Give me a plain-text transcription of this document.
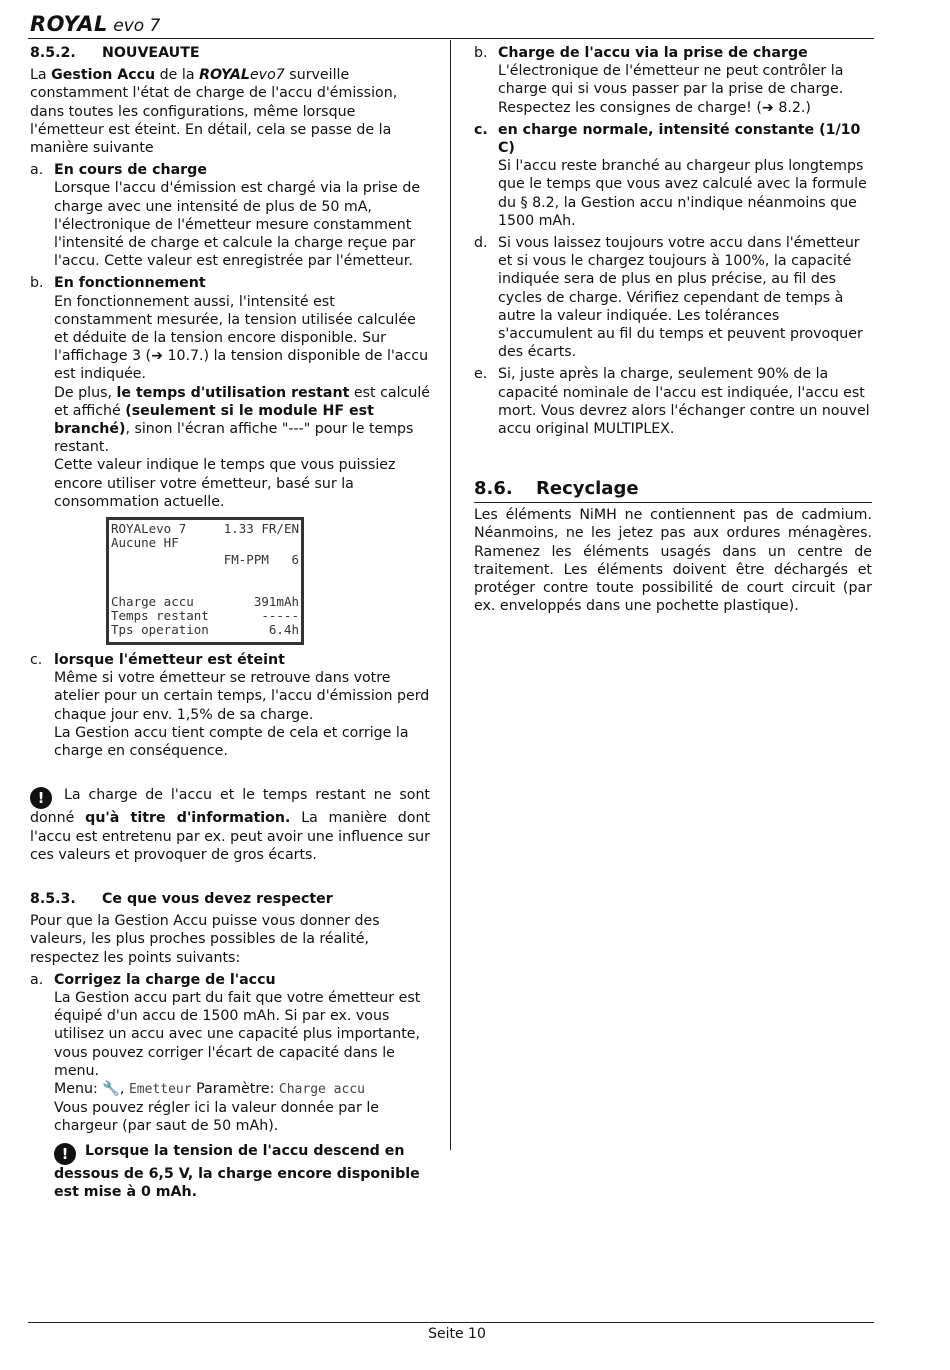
ROYAL evo 7
8.5.2.	NOUVEAUTE

La Gestion Accu de la ROYALevo7 surveille constamment l'état de charge de l'accu d'émission, dans toutes les configurations, même lorsque l'émetteur est éteint. En détail, cela se passe de la manière suivante

a. En cours de charge

Lorsque l'accu d'émission est chargé via la prise de charge avec une intensité de plus de 50 mA, l'électronique de l'émetteur mesure constamment l'intensité de charge et calcule la charge reçue par l'accu. Cette valeur est enregistrée par l'émetteur.

b. En fonctionnement

En fonctionnement aussi, l'intensité est constamment mesurée, la tension utilisée calculée et déduite de la tension encore disponible. Sur l'affichage 3 (➔ 10.7.) la tension disponible de l'accu est indiquée.

De plus, le temps d'utilisation restant est calculé et affiché (seulement si le module HF est branché), sinon l'écran affiche "---" pour le temps restant.

Cette valeur indique le temps que vous puissiez encore utiliser votre émetteur, basé sur la consommation actuelle.

ROYALevo 7	1.33 FR/EN
Aucune HF
FM-PPM   6
Charge accu	391mAh
Temps restant	-----
Tps operation	6.4h
c. lorsque l'émetteur est éteint

Même si votre émetteur se retrouve dans votre atelier pour un certain temps, l'accu d'émission perd chaque jour env. 1,5% de sa charge.

La Gestion accu tient compte de cela et corrige la charge en conséquence.

! La charge de l'accu et le temps restant ne sont donné qu'à titre d'information. La manière dont l'accu est entretenu par ex. peut avoir une influence sur ces valeurs et provoquer de gros écarts.

8.5.3.	Ce que vous devez respecter

Pour que la Gestion Accu puisse vous donner des valeurs, les plus proches possibles de la réalité, respectez les points suivants:

a. Corrigez la charge de l'accu

La Gestion accu part du fait que votre émetteur est équipé d'un accu de 1500 mAh. Si par ex. vous utilisez un accu avec une capacité plus importante, vous pouvez corriger l'écart de capacité dans le menu.

Menu: 🔧, Emetteur Paramètre: Charge accu

Vous pouvez régler ici la valeur donnée par le chargeur (par saut de 50 mAh).

! Lorsque la tension de l'accu descend en dessous de 6,5 V, la charge encore disponible est mise à 0 mAh.

b. Charge de l'accu via la prise de charge

L'électronique de l'émetteur ne peut contrôler la charge qui si vous passer par la prise de charge. Respectez les consignes de charge! (➔ 8.2.)

c. en charge normale, intensité constante (1/10 C)

Si l'accu reste branché au chargeur plus longtemps que le temps que vous avez calculé avec la formule du § 8.2, la Gestion accu n'indique néanmoins que 1500 mAh.

d. Si vous laissez toujours votre accu dans l'émetteur et si vous le chargez toujours à 100%, la capacité indiquée sera de plus en plus précise, au fil des cycles de charge. Vérifiez cependant de temps à autre la valeur indiquée. Les tolérances s'accumulent au fil du temps et peuvent provoquer des écarts.

e. Si, juste après la charge, seulement 90% de la capacité nominale de l'accu est indiquée, l'accu est mort. Vous devrez alors l'échanger contre un nouvel accu original MULTIPLEX.

8.6.	Recyclage

Les éléments NiMH ne contiennent pas de cadmium. Néanmoins, ne les jetez pas aux ordures ménagères. Ramenez les éléments usagés dans un centre de traitement. Les éléments doivent être déchargés et protéger contre toute possibilité de court circuit (par ex. enveloppés dans une pochette plastique).

Seite 10
